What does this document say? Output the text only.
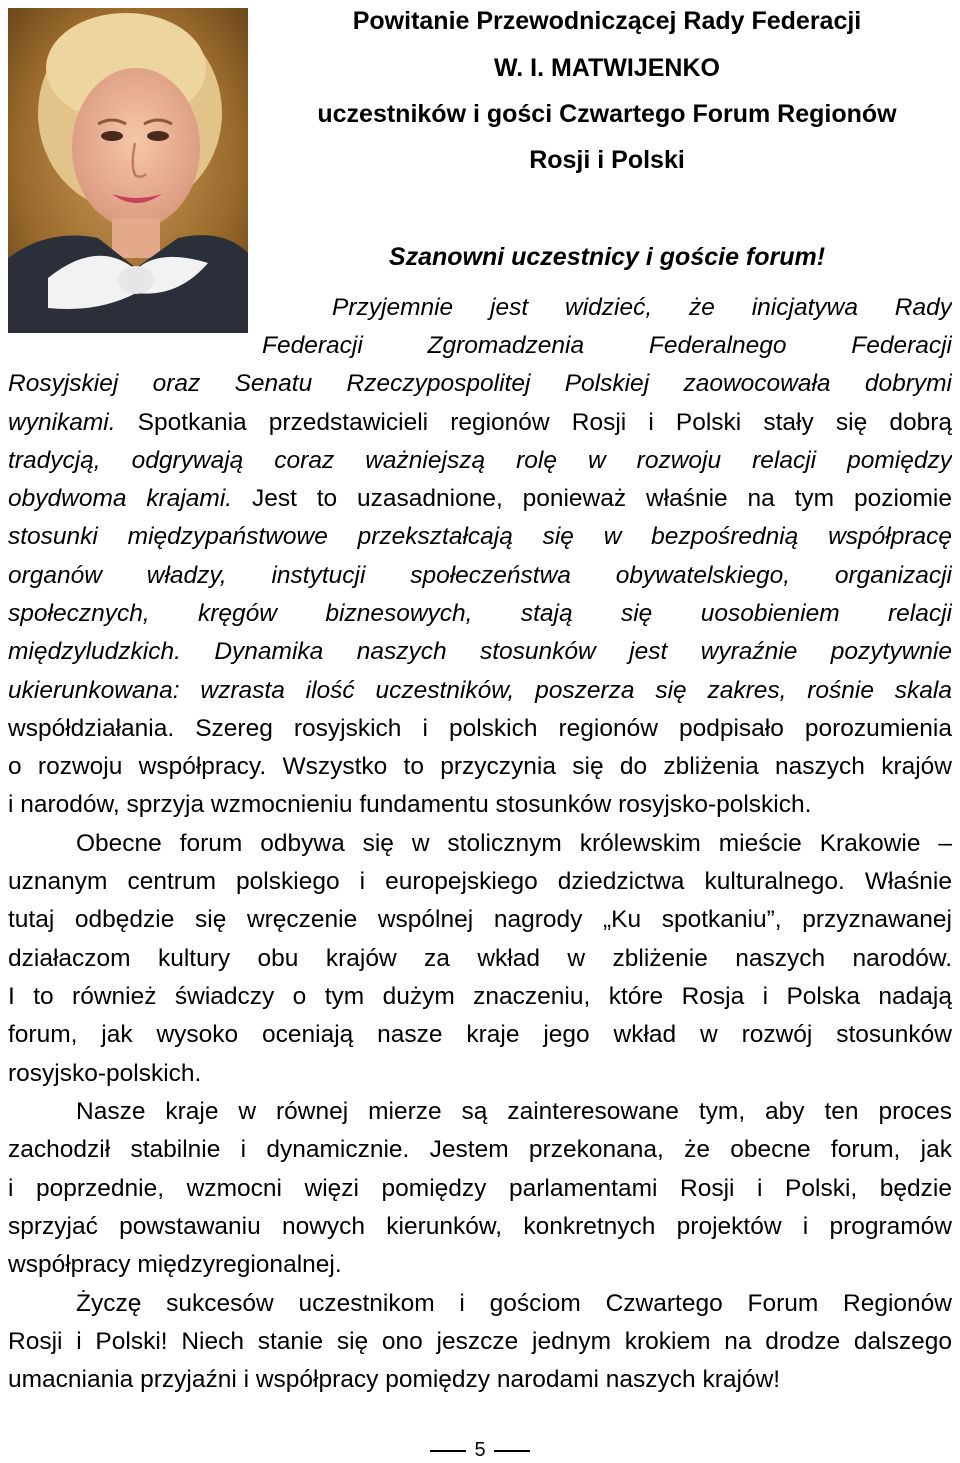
Powitanie Przewodniczącej Rady Federacji
W. I. MATWIJENKO
uczestników i gości Czwartego Forum Regionów
Rosji i Polski
Szanowni uczestnicy i goście forum!
Przyjemnie jest widzieć, że inicjatywa Rady
Federacji Zgromadzenia Federalnego Federacji
Rosyjskiej oraz Senatu Rzeczypospolitej Polskiej zaowocowała dobrymi
wynikami. Spotkania przedstawicieli regionów Rosji i Polski stały się dobrą
tradycją, odgrywają coraz ważniejszą rolę w rozwoju relacji pomiędzy
obydwoma krajami. Jest to uzasadnione, ponieważ właśnie na tym poziomie
stosunki międzypaństwowe przekształcają się w bezpośrednią współpracę
organów władzy, instytucji społeczeństwa obywatelskiego, organizacji
społecznych, kręgów biznesowych, stają się uosobieniem relacji
międzyludzkich. Dynamika naszych stosunków jest wyraźnie pozytywnie
ukierunkowana: wzrasta ilość uczestników, poszerza się zakres, rośnie skala
współdziałania. Szereg rosyjskich i polskich regionów podpisało porozumienia
o rozwoju współpracy. Wszystko to przyczynia się do zbliżenia naszych krajów
i narodów, sprzyja wzmocnieniu fundamentu stosunków rosyjsko-polskich.
Obecne forum odbywa się w stolicznym królewskim mieście Krakowie –
uznanym centrum polskiego i europejskiego dziedzictwa kulturalnego. Właśnie
tutaj odbędzie się wręczenie wspólnej nagrody „Ku spotkaniu”, przyznawanej
działaczom kultury obu krajów za wkład w zbliżenie naszych narodów.
I to również świadczy o tym dużym znaczeniu, które Rosja i Polska nadają
forum, jak wysoko oceniają nasze kraje jego wkład w rozwój stosunków
rosyjsko-polskich.
Nasze kraje w równej mierze są zainteresowane tym, aby ten proces
zachodził stabilnie i dynamicznie. Jestem przekonana, że obecne forum, jak
i poprzednie, wzmocni więzi pomiędzy parlamentami Rosji i Polski, będzie
sprzyjać powstawaniu nowych kierunków, konkretnych projektów i programów
współpracy międzyregionalnej.
Życzę sukcesów uczestnikom i gościom Czwartego Forum Regionów
Rosji i Polski! Niech stanie się ono jeszcze jednym krokiem na drodze dalszego
umacniania przyjaźni i współpracy pomiędzy narodami naszych krajów!
5
